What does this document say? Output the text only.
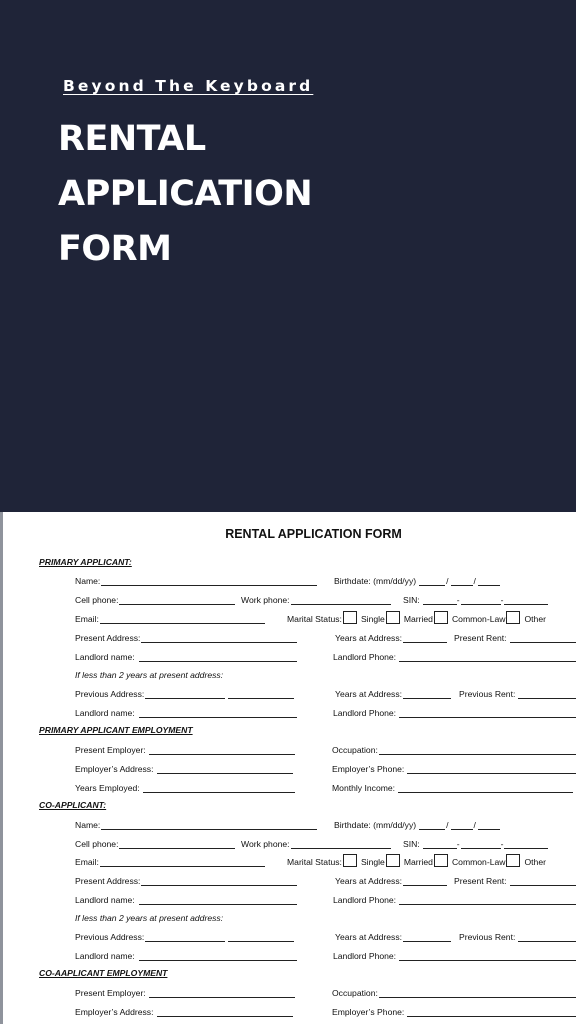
Beyond The Keyboard
RENTAL
APPLICATION
FORM
RENTAL APPLICATION FORM
PRIMARY APPLICANT:
Name:	Birthdate: (mm/dd/yy)	/	/
Cell phone:	Work phone:	SIN:	-	-
Email:	Marital Status: Single Married Common-Law Other
Present Address:	Years at Address:	Present Rent:
Landlord name:	Landlord Phone:
If less than 2 years at present address:
Previous Address:	Years at Address:	Previous Rent:
Landlord name:	Landlord Phone:
PRIMARY APPLICANT EMPLOYMENT
Present Employer:	Occupation:
Employer’s Address:	Employer’s Phone:
Years Employed:	Monthly Income:
CO-APPLICANT:
Name:	Birthdate: (mm/dd/yy)	/	/
Cell phone:	Work phone:	SIN:	-	-
Email:	Marital Status: Single Married Common-Law Other
Present Address:	Years at Address:	Present Rent:
Landlord name:	Landlord Phone:
If less than 2 years at present address:
Previous Address:	Years at Address:	Previous Rent:
Landlord name:	Landlord Phone:
CO-AAPLICANT EMPLOYMENT
Present Employer:	Occupation:
Employer’s Address:	Employer’s Phone:
